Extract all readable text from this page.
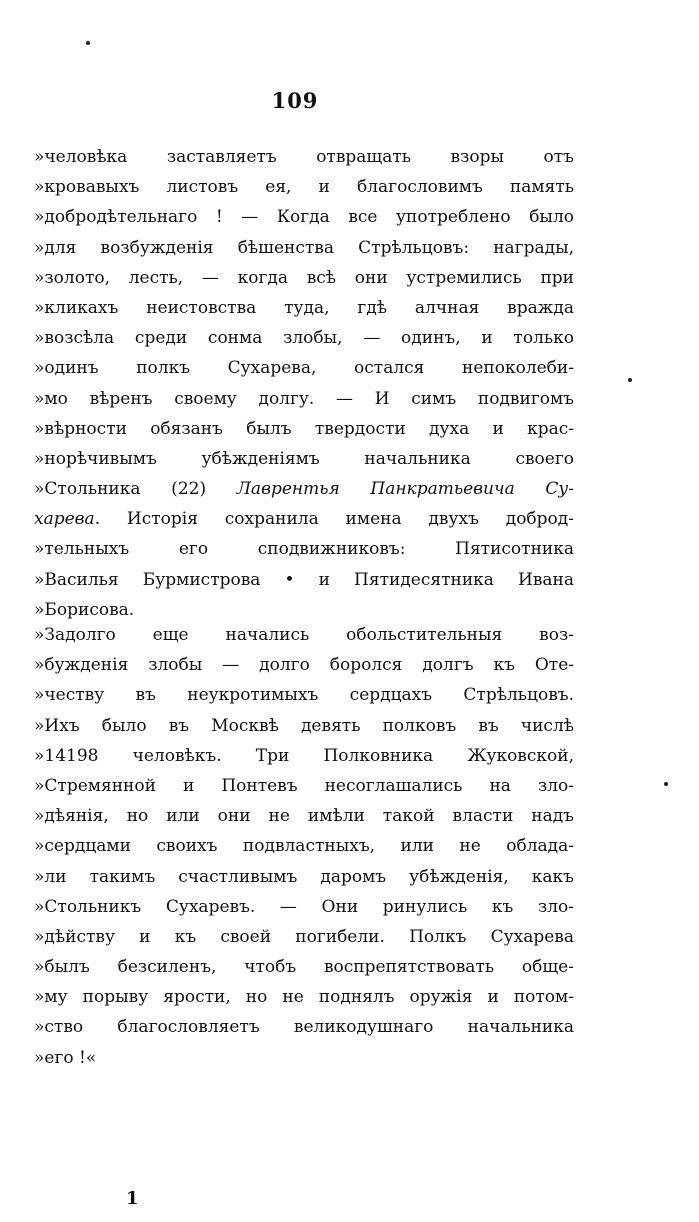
109
»человѣка заставляетъ отвращать взоры отъ
»кровавыхъ листовъ ея, и благословимъ память
»добродѣтельнаго ! — Когда все употреблено было
»для возбужденія бѣшенства Стрѣльцовъ: награды,
»золото, лесть, — когда всѣ они устремились при
»кликахъ неистовства туда, гдѣ алчная вражда
»возсѣла среди сонма злобы, — одинъ, и только
»одинъ полкъ Сухарева, остался непоколеби-
»мо вѣренъ своему долгу. — И симъ подвигомъ
»вѣрности обязанъ былъ твердости духа и крас-
»норѣчивымъ убѣжденіямъ начальника своего
»Стольника (22) Лаврентья Панкратьевича Су-
харева. Исторія сохранила имена двухъ доброд-
»тельныхъ его сподвижниковъ: Пятисотника
»Василья Бурмистрова • и Пятидесятника Ивана
»Борисова.
»Задолго еще начались обольстительныя воз-
»бужденія злобы — долго боролся долгъ къ Оте-
»честву въ неукротимыхъ сердцахъ Стрѣльцовъ.
»Ихъ было въ Москвѣ девять полковъ въ числѣ
»14198 человѣкъ. Три Полковника Жуковской,
»Стремянной и Понтевъ несоглашались на зло-
»дѣянія, но или они не имѣли такой власти надъ
»сердцами своихъ подвластныхъ, или не облада-
»ли такимъ счастливымъ даромъ убѣжденія, какъ
»Стольникъ Сухаревъ. — Они ринулись къ зло-
»дѣйству и къ своей погибели. Полкъ Сухарева
»былъ безсиленъ, чтобъ воспрепятствовать обще-
»му порыву ярости, но не поднялъ оружія и потом-
»ство благословляетъ великодушнаго начальника
»его !«
1
